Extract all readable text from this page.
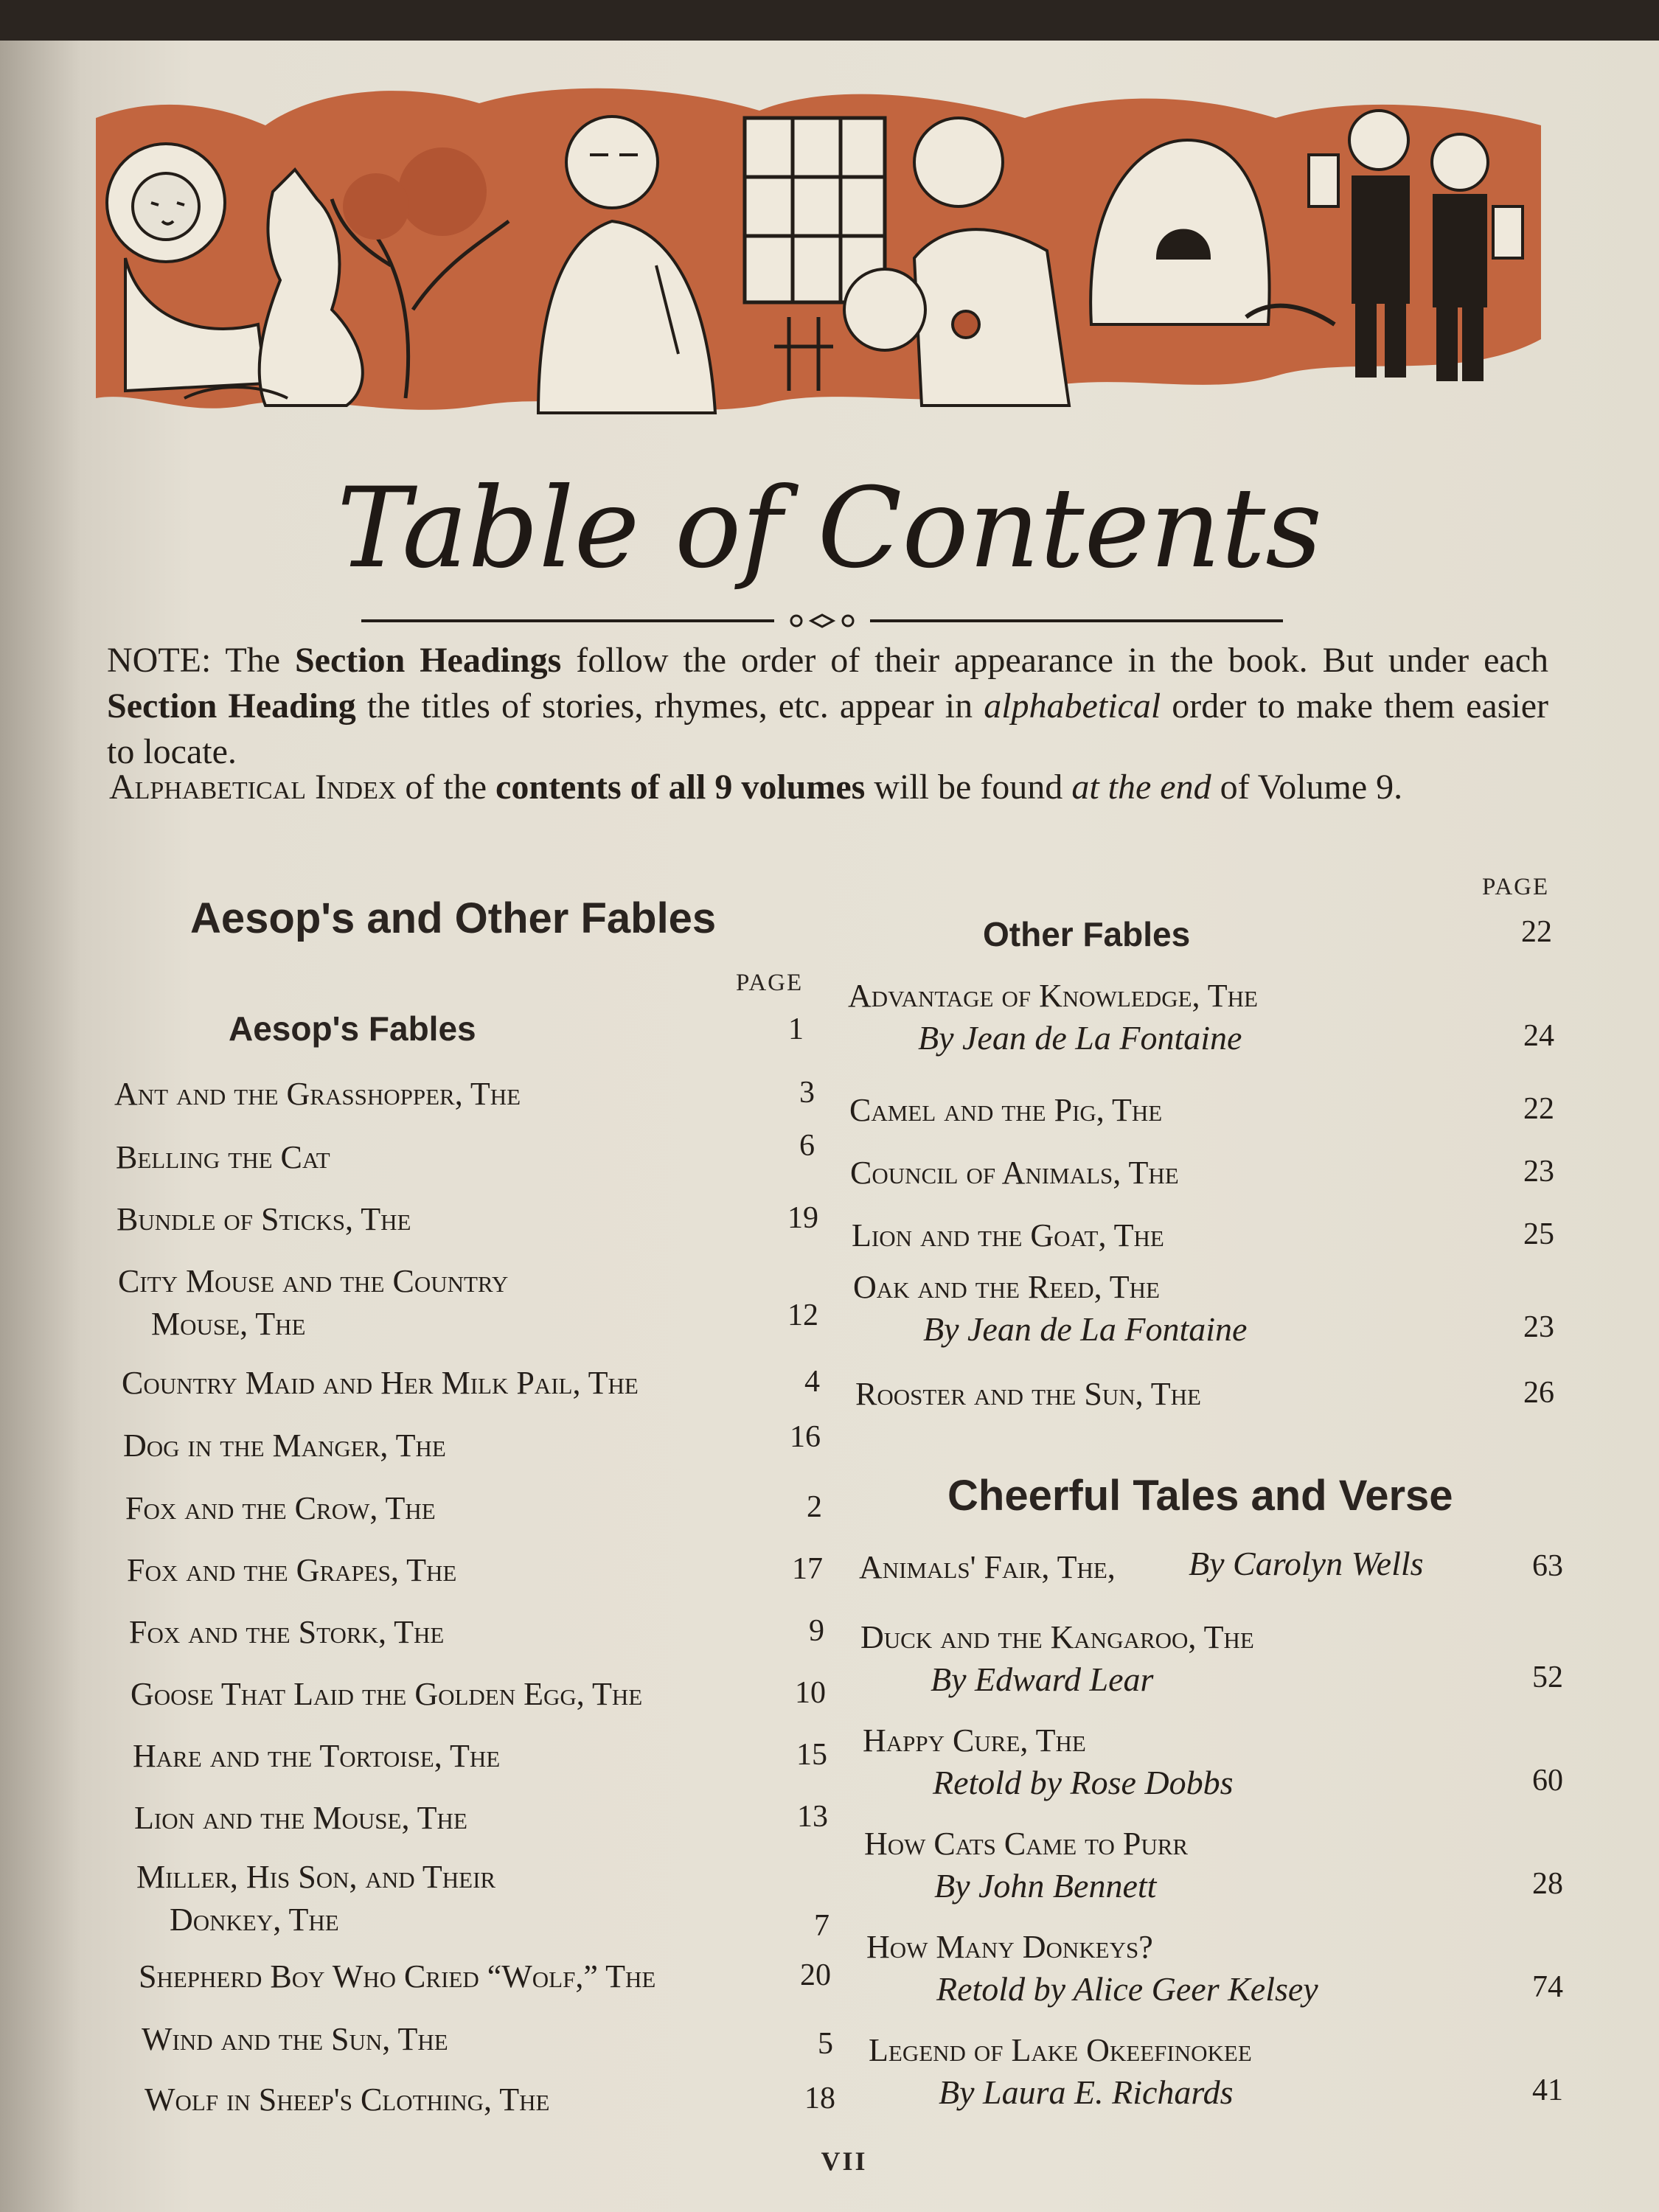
Table of Contents
NOTE: The Section Headings follow the order of their appearance in the book. But under each Section Heading the titles of stories, rhymes, etc. appear in alphabetical order to make them easier to locate.
Alphabetical Index of the contents of all 9 volumes will be found at the end of Volume 9.
Aesop's and Other Fables
PAGE
Aesop's Fables	1
Ant and the Grasshopper, The	3
Belling the Cat	6
Bundle of Sticks, The	19
City Mouse and the Country
Mouse, The	12
Country Maid and Her Milk Pail, The	4
Dog in the Manger, The	16
Fox and the Crow, The	2
Fox and the Grapes, The	17
Fox and the Stork, The	9
Goose That Laid the Golden Egg, The	10
Hare and the Tortoise, The	15
Lion and the Mouse, The	13
Miller, His Son, and Their
Donkey, The	7
Shepherd Boy Who Cried “Wolf,” The	20
Wind and the Sun, The	5
Wolf in Sheep's Clothing, The	18
PAGE
Other Fables	22
Advantage of Knowledge, The
By Jean de La Fontaine	24
Camel and the Pig, The	22
Council of Animals, The	23
Lion and the Goat, The	25
Oak and the Reed, The
By Jean de La Fontaine	23
Rooster and the Sun, The	26
Cheerful Tales and Verse
Animals' Fair, The, By Carolyn Wells	63
Duck and the Kangaroo, The
By Edward Lear	52
Happy Cure, The
Retold by Rose Dobbs	60
How Cats Came to Purr
By John Bennett	28
How Many Donkeys?
Retold by Alice Geer Kelsey	74
Legend of Lake Okeefinokee
By Laura E. Richards	41
VII
